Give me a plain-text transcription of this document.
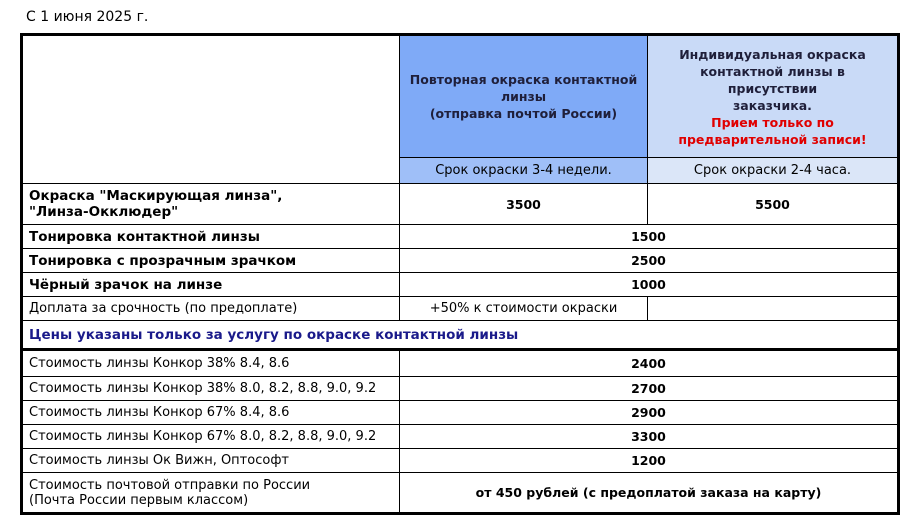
С 1 июня 2025 г.

	Повторная окраска контактной
линзы
(отправка почтой России)	Индивидуальная окраска
контактной линзы в присутствии
заказчика.
Прием только по
предварительной записи!

	Срок окраски 3-4 недели.	Срок окраски 2-4 часа.

Окраска "Маскирующая линза",
"Линза-Окклюдер"	3500	5500
Тонировка контактной линзы	1500	
Тонировка с прозрачным зрачком	2500	
Чёрный зрачок на линзе	1000	
Доплата за срочность (по предоплате)	+50% к стоимости окраски	
Цены указаны только за услугу по окраске контактной линзы		
Стоимость линзы Конкор 38% 8.4, 8.6	2400	
Стоимость линзы Конкор 38% 8.0, 8.2, 8.8, 9.0, 9.2	2700	
Стоимость линзы Конкор 67% 8.4, 8.6	2900	
Стоимость линзы Конкор 67% 8.0, 8.2, 8.8, 9.0, 9.2	3300	
Стоимость линзы Ок Вижн, Оптософт	1200	

Стоимость почтовой отправки по России
(Почта России первым классом)	от 450 рублей (с предоплатой заказа на карту)	
